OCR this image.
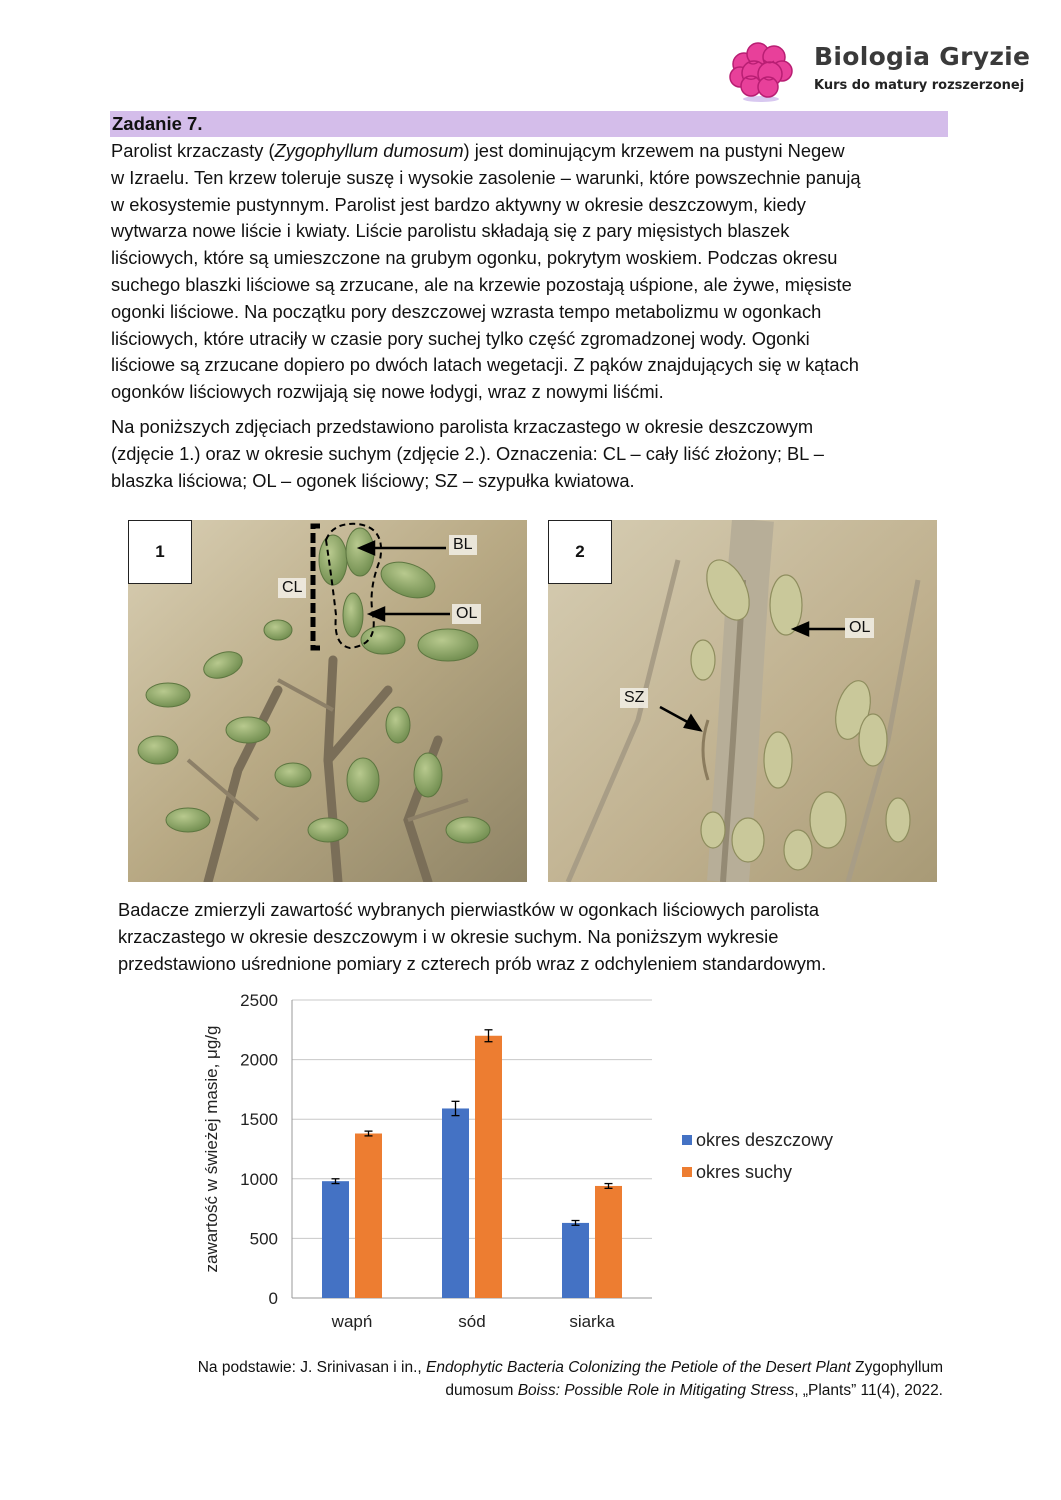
Biologia Gryzie
Kurs do matury rozszerzonej
Zadanie 7.
Parolist krzaczasty (Zygophyllum dumosum) jest dominującym krzewem na pustyni Negew
w Izraelu. Ten krzew toleruje suszę i wysokie zasolenie – warunki, które powszechnie panują
w ekosystemie pustynnym. Parolist jest bardzo aktywny w okresie deszczowym, kiedy
wytwarza nowe liście i kwiaty. Liście parolistu składają się z pary mięsistych blaszek
liściowych, które są umieszczone na grubym ogonku, pokrytym woskiem. Podczas okresu
suchego blaszki liściowe są zrzucane, ale na krzewie pozostają uśpione, ale żywe, mięsiste
ogonki liściowe. Na początku pory deszczowej wzrasta tempo metabolizmu w ogonkach
liściowych, które utraciły w czasie pory suchej tylko część zgromadzonej wody. Ogonki
liściowe są zrzucane dopiero po dwóch latach wegetacji. Z pąków znajdujących się w kątach
ogonków liściowych rozwijają się nowe łodygi, wraz z nowymi liśćmi.
Na poniższych zdjęciach przedstawiono parolista krzaczastego w okresie deszczowym
(zdjęcie 1.) oraz w okresie suchym (zdjęcie 2.). Oznaczenia: CL – cały liść złożony; BL –
blaszka liściowa; OL – ogonek liściowy; SZ – szypułka kwiatowa.
1
CL
BL
OL
2
OL
SZ
Badacze zmierzyli zawartość wybranych pierwiastków w ogonkach liściowych parolista
krzaczastego w okresie deszczowym i w okresie suchym. Na poniższym wykresie
przedstawiono uśrednione pomiary z czterech prób wraz z odchyleniem standardowym.
0
500
1000
1500
2000
2500
zawartość w świeżej masie, μg/g
wapń	sód	siarka
okres deszczowy
okres suchy
Na podstawie: J. Srinivasan i in., Endophytic Bacteria Colonizing the Petiole of the Desert Plant Zygophyllum
dumosum Boiss: Possible Role in Mitigating Stress, „Plants” 11(4), 2022.
